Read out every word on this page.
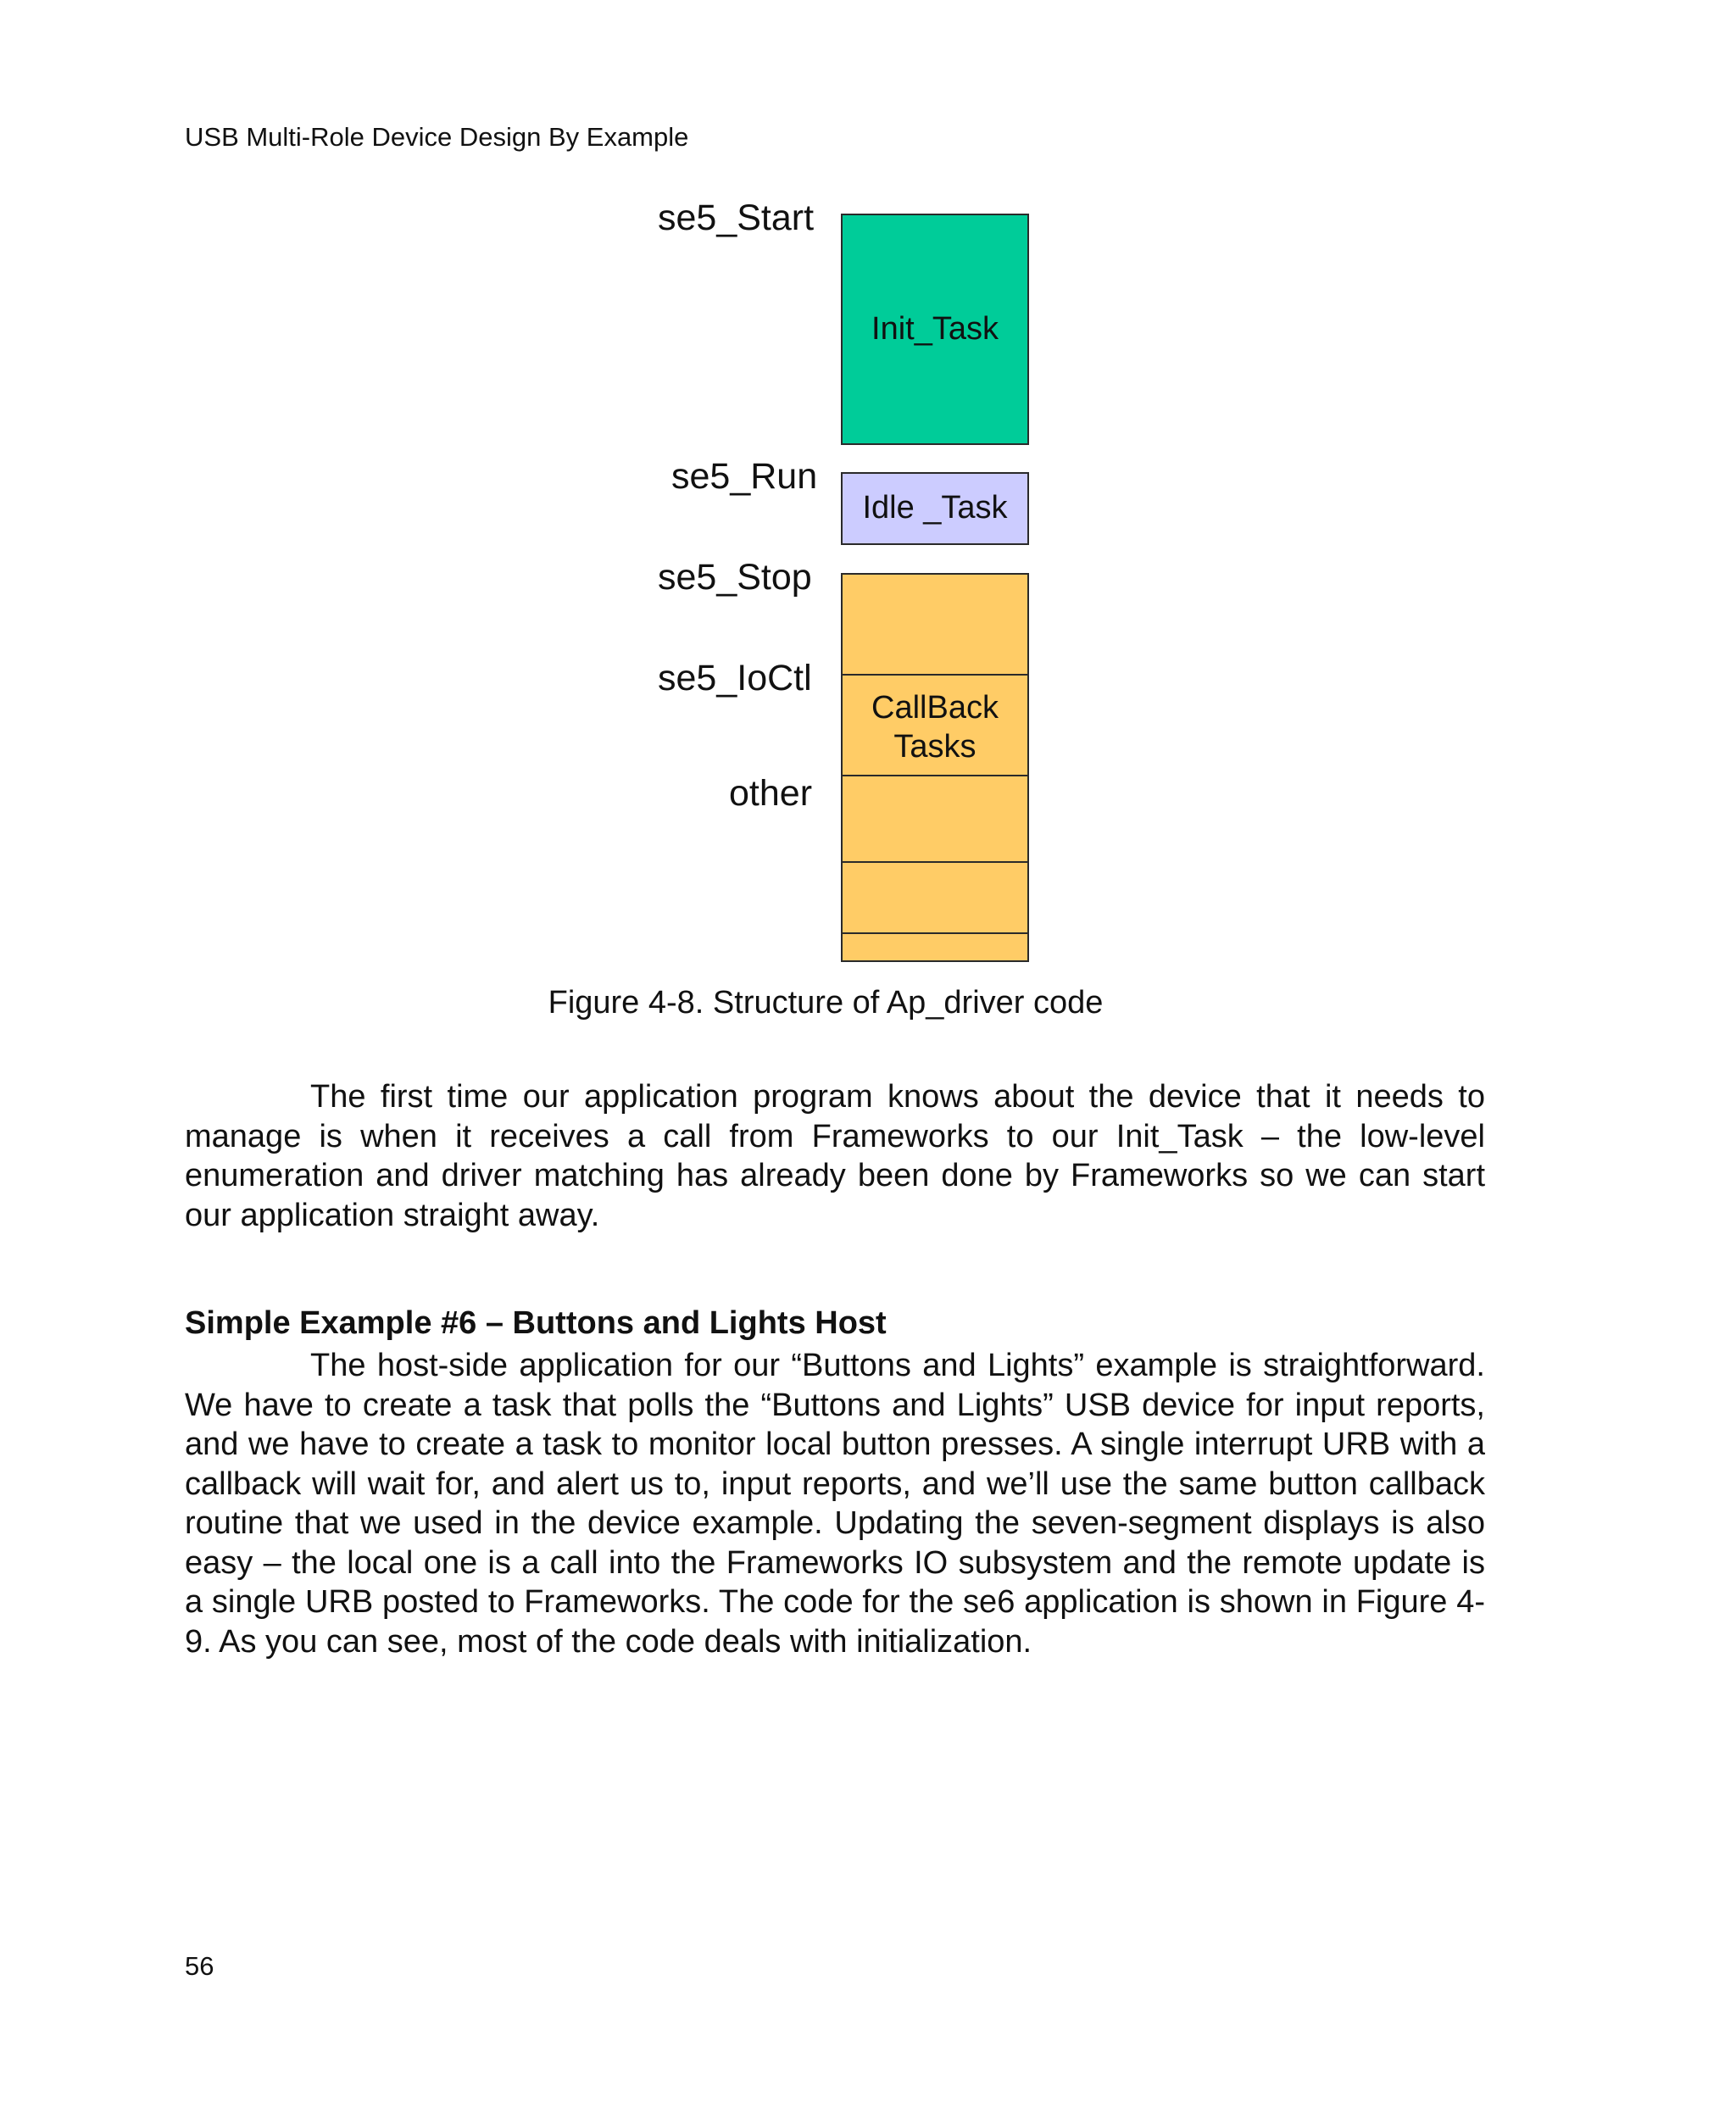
USB Multi-Role Device Design By Example
se5_Start
se5_Run
se5_Stop
se5_IoCtl
other
Init_Task
Idle _Task
CallBack
Tasks
Figure 4-8. Structure of Ap_driver code

The first time our application program knows about the device that it needs to manage is when it receives a call from Frameworks to our Init_Task – the low-level enumeration and driver matching has already been done by Frameworks so we can start our application straight away.

Simple Example #6 – Buttons and Lights Host

The host-side application for our “Buttons and Lights” example is straightforward. We have to create a task that polls the “Buttons and Lights” USB device for input reports, and we have to create a task to monitor local button presses. A single interrupt URB with a callback will wait for, and alert us to, input reports, and we’ll use the same button callback routine that we used in the device example. Updating the seven-segment displays is also easy – the local one is a call into the Frameworks IO subsystem and the remote update is a single URB posted to Frameworks. The code for the se6 application is shown in Figure 4-9. As you can see, most of the code deals with initialization.

56
